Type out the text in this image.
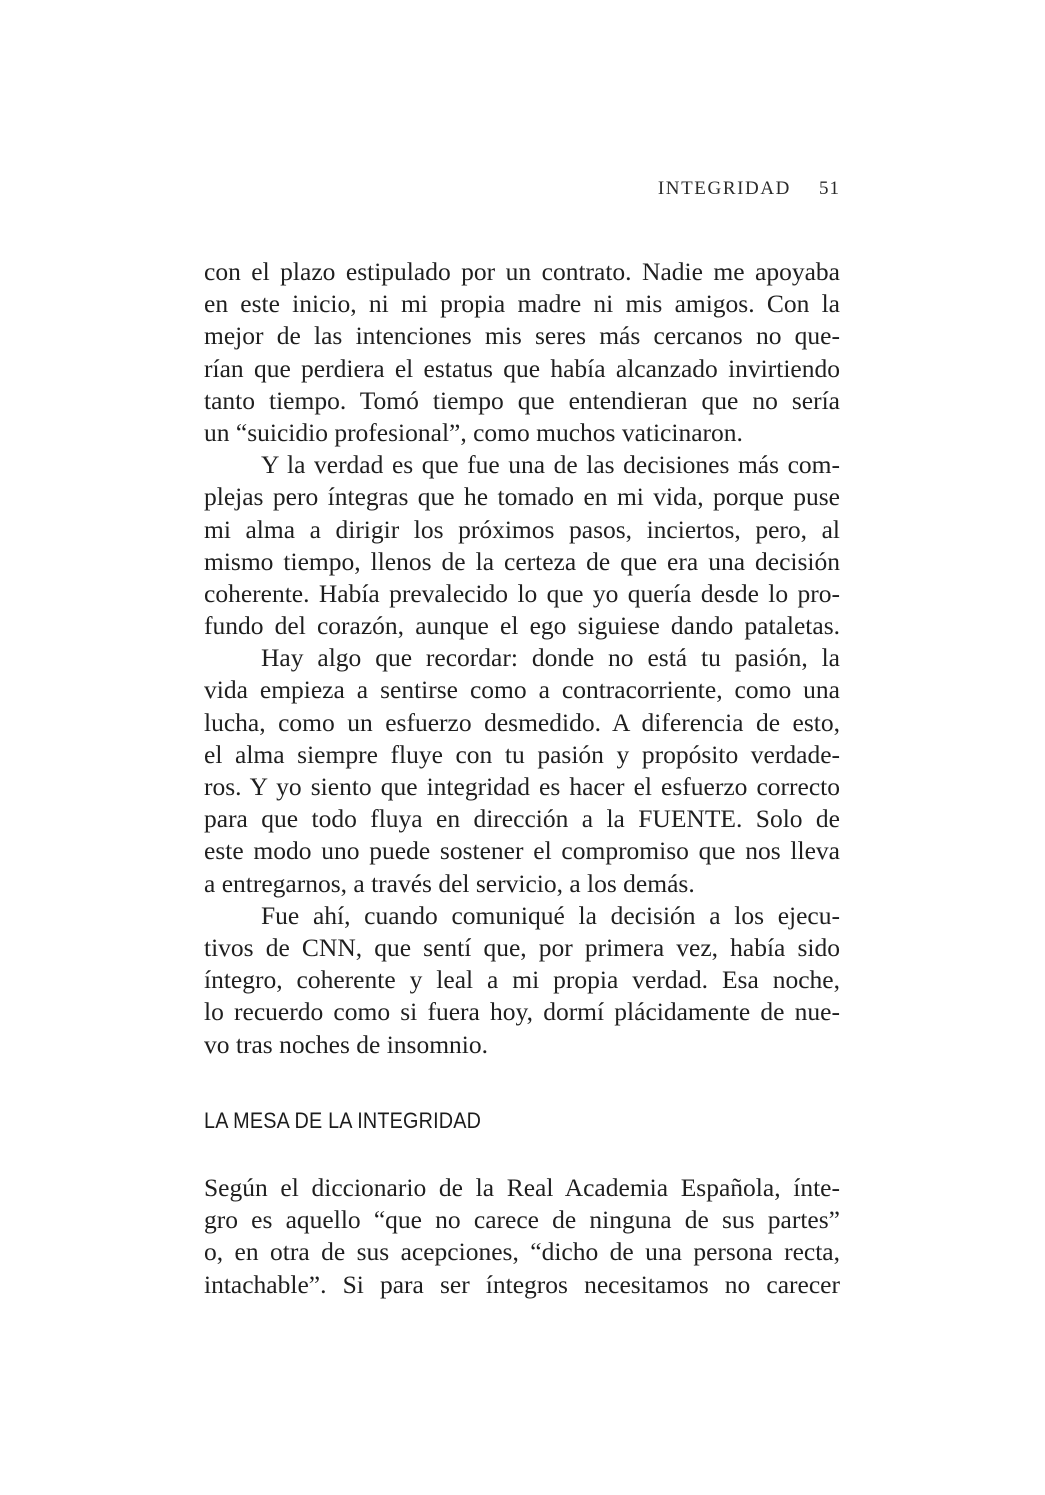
INTEGRIDAD 51
con el plazo estipulado por un contrato. Nadie me apoyaba
en este inicio, ni mi propia madre ni mis amigos. Con la
mejor de las intenciones mis seres más cercanos no que-
rían que perdiera el estatus que había alcanzado invirtiendo
tanto tiempo. Tomó tiempo que entendieran que no sería
un “suicidio profesional”, como muchos vaticinaron.
Y la verdad es que fue una de las decisiones más com-
plejas pero íntegras que he tomado en mi vida, porque puse
mi alma a dirigir los próximos pasos, inciertos, pero, al
mismo tiempo, llenos de la certeza de que era una decisión
coherente. Había prevalecido lo que yo quería desde lo pro-
fundo del corazón, aunque el ego siguiese dando pataletas.
Hay algo que recordar: donde no está tu pasión, la
vida empieza a sentirse como a contracorriente, como una
lucha, como un esfuerzo desmedido. A diferencia de esto,
el alma siempre fluye con tu pasión y propósito verdade-
ros. Y yo siento que integridad es hacer el esfuerzo correcto
para que todo fluya en dirección a la FUENTE. Solo de
este modo uno puede sostener el compromiso que nos lleva
a entregarnos, a través del servicio, a los demás.
Fue ahí, cuando comuniqué la decisión a los ejecu-
tivos de CNN, que sentí que, por primera vez, había sido
íntegro, coherente y leal a mi propia verdad. Esa noche,
lo recuerdo como si fuera hoy, dormí plácidamente de nue-
vo tras noches de insomnio.
LA MESA DE LA INTEGRIDAD
Según el diccionario de la Real Academia Española, ínte-
gro es aquello “que no carece de ninguna de sus partes”
o, en otra de sus acepciones, “dicho de una persona recta,
intachable”. Si para ser íntegros necesitamos no carecer
